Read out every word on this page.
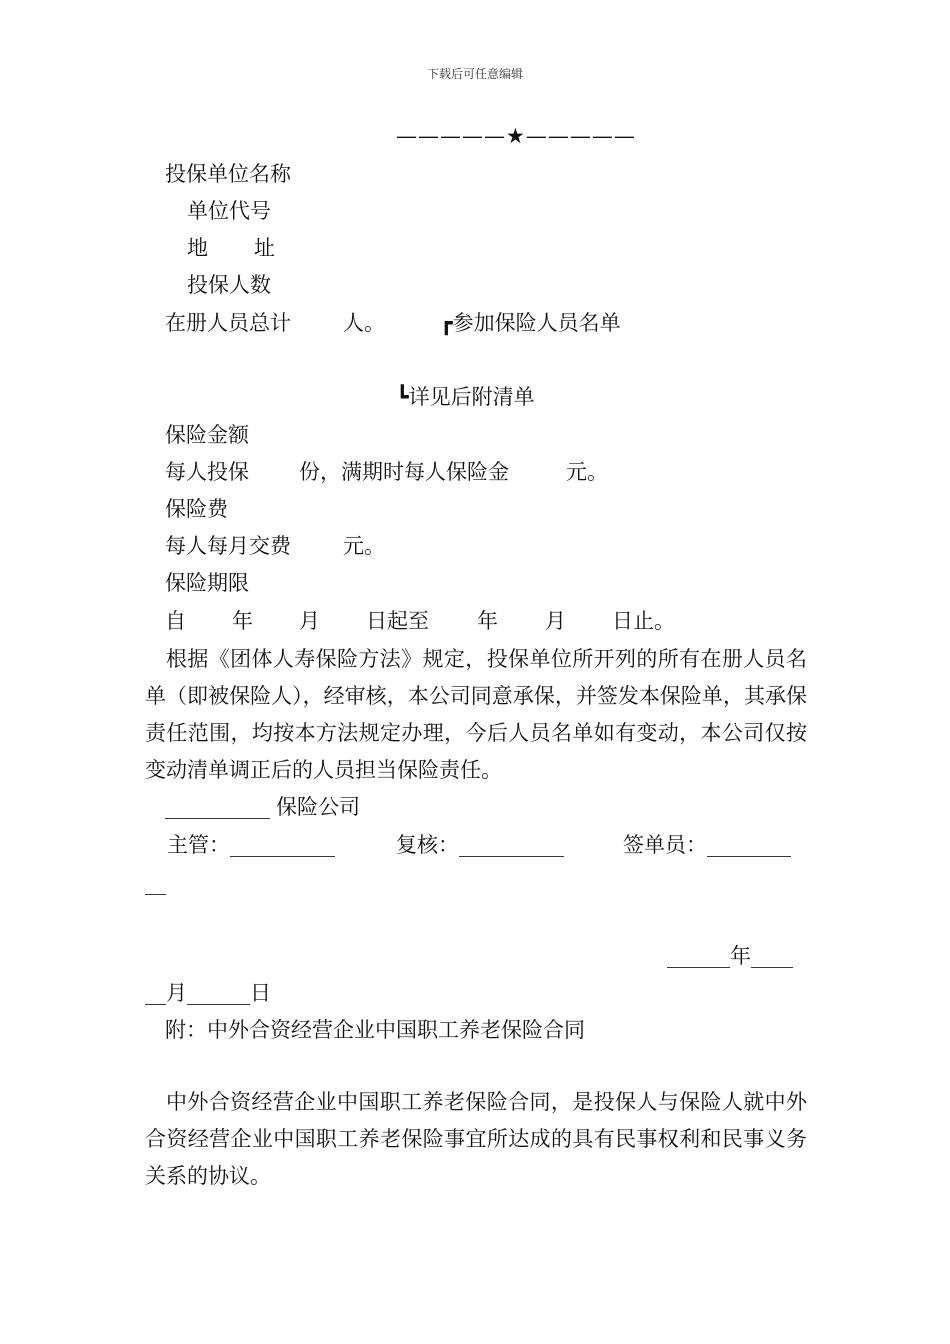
下载后可任意编辑
—————★—————
投保单位名称
单位代号
地 址
投保人数
在册人员总计 人。	┏参加保险人员名单
┗详见后附清单
保险金额
每人投保 份，满期时每人保险金	元。
保险费
每人每月交费 元。
保险期限
自 年 月 日起至 年 月 日止。
根据《团体人寿保险方法》规定，投保单位所开列的所有在册人员名单（即被保险人），经审核，本公司同意承保，并签发本保险单，其承保责任范围，均按本方法规定办理，今后人员名单如有变动，本公司仅按变动清单调正后的人员担当保险责任。
__________ 保险公司
主管：__________	复核：__________	签单员：________
__
______年____
__月______日
附：中外合资经营企业中国职工养老保险合同
中外合资经营企业中国职工养老保险合同，是投保人与保险人就中外合资经营企业中国职工养老保险事宜所达成的具有民事权利和民事义务关系的协议。
